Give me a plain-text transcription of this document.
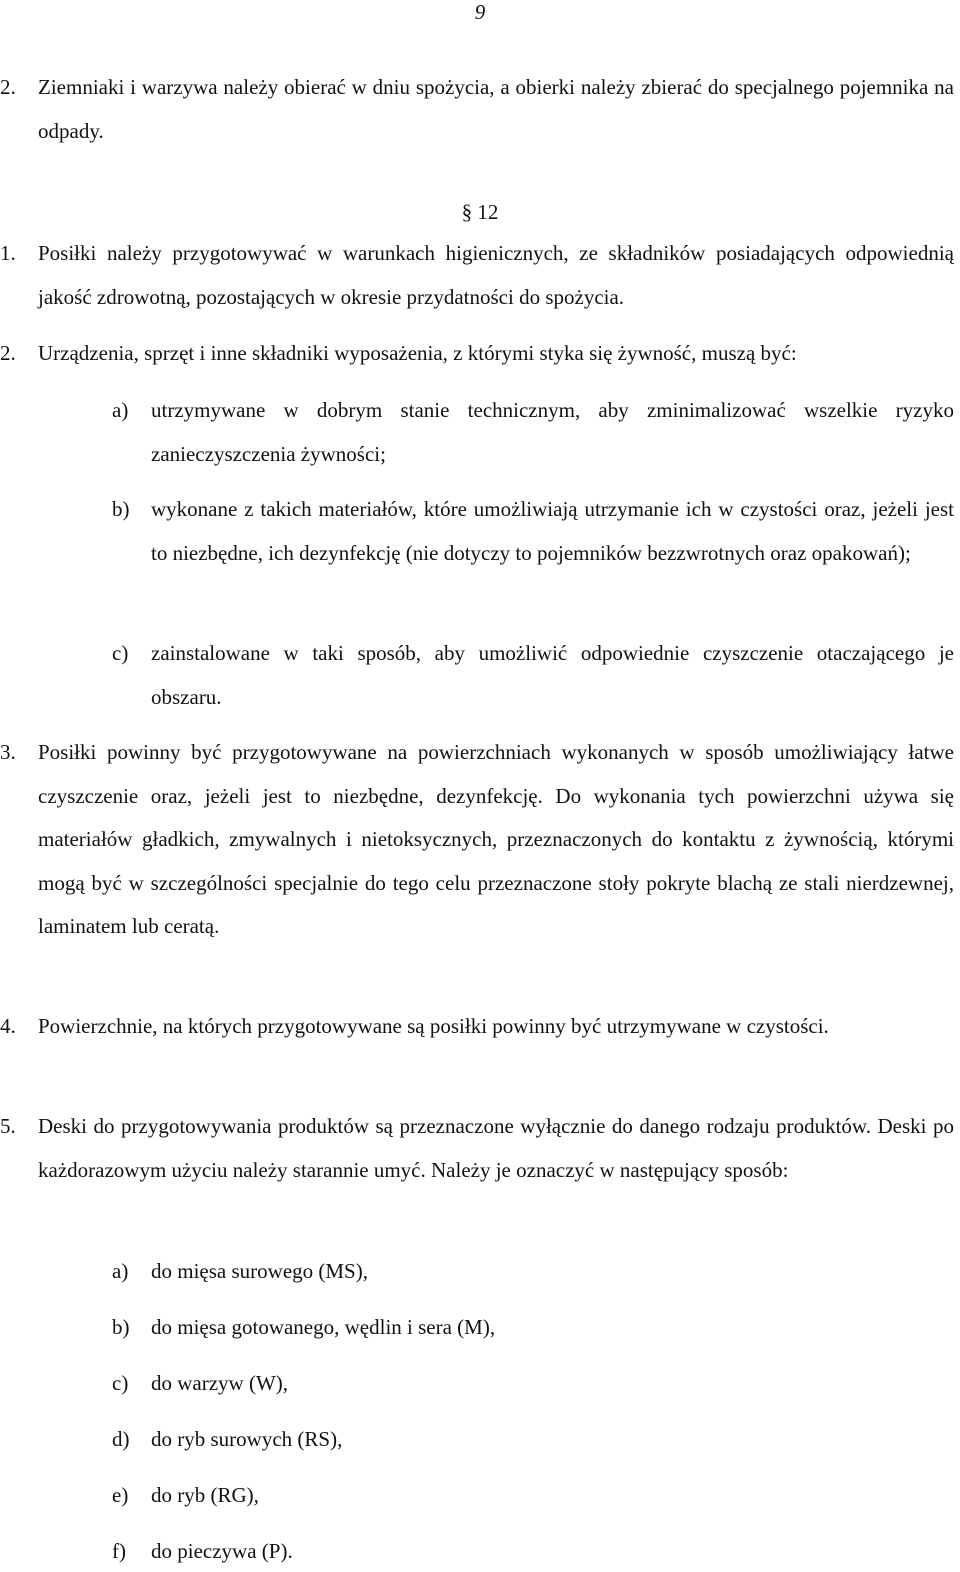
9

2. Ziemniaki i warzywa należy obierać w dniu spożycia, a obierki należy zbierać do specjalnego pojemnika na odpady.

§ 12

1. Posiłki należy przygotowywać w warunkach higienicznych, ze składników posiadających odpowiednią jakość zdrowotną, pozostających w okresie przydatności do spożycia.

2. Urządzenia, sprzęt i inne składniki wyposażenia, z którymi styka się żywność, muszą być:

a) utrzymywane w dobrym stanie technicznym, aby zminimalizować wszelkie ryzyko zanieczyszczenia żywności;

b) wykonane z takich materiałów, które umożliwiają utrzymanie ich w czystości oraz, jeżeli jest to niezbędne, ich dezynfekcję (nie dotyczy to pojemników bezzwrotnych oraz opakowań);

c) zainstalowane w taki sposób, aby umożliwić odpowiednie czyszczenie otaczającego je obszaru.

3. Posiłki powinny być przygotowywane na powierzchniach wykonanych w sposób umożliwiający łatwe czyszczenie oraz, jeżeli jest to niezbędne, dezynfekcję. Do wykonania tych powierzchni używa się materiałów gładkich, zmywalnych i nietoksycznych, przeznaczonych do kontaktu z żywnością, którymi mogą być w szczególności specjalnie do tego celu przeznaczone stoły pokryte blachą ze stali nierdzewnej, laminatem lub ceratą.

4. Powierzchnie, na których przygotowywane są posiłki powinny być utrzymywane w czystości.

5. Deski do przygotowywania produktów są przeznaczone wyłącznie do danego rodzaju produktów. Deski po każdorazowym użyciu należy starannie umyć. Należy je oznaczyć w następujący sposób:

a) do mięsa surowego (MS),
b) do mięsa gotowanego, wędlin i sera (M),
c) do warzyw (W),
d) do ryb surowych (RS),
e) do ryb (RG),
f) do pieczywa (P).
